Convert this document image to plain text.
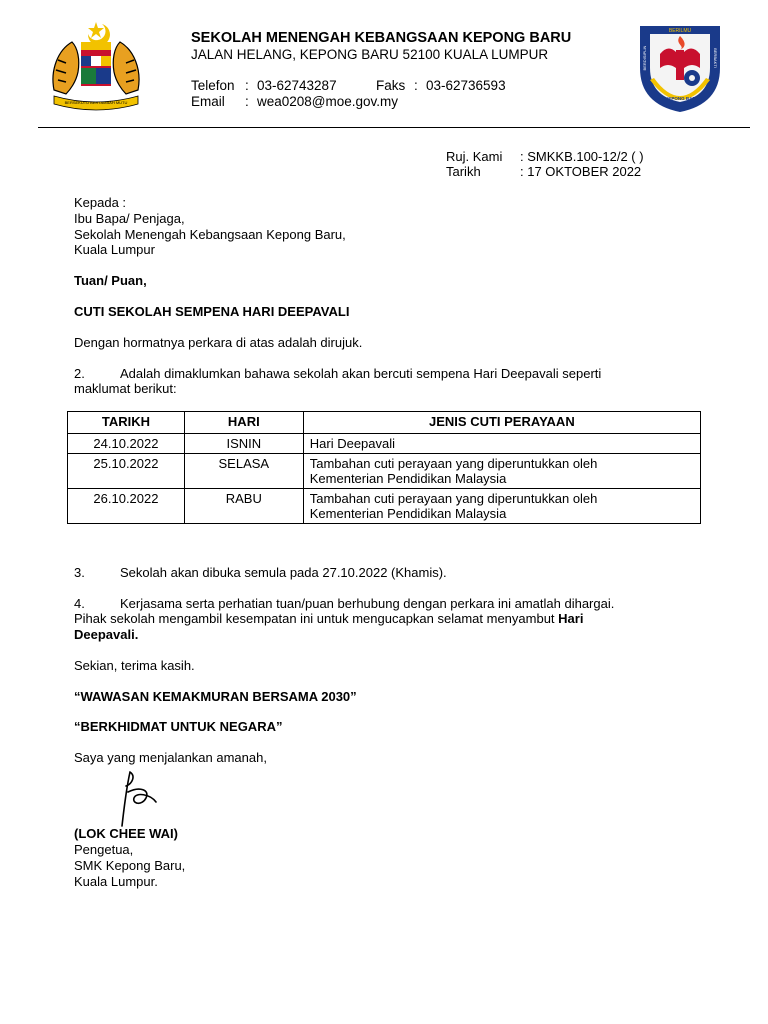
BERSEKUTU BERTAMBAH MUTU
BERILMU
BERDISIPLIN	BERBAKTI
SMK KEPONG BARU KL
SEKOLAH MENENGAH KEBANGSAAN KEPONG BARU
JALAN HELANG, KEPONG BARU 52100 KUALA LUMPUR
Telefon : 03-62743287	Faks : 03-62736593
Email : wea0208@moe.gov.my
Ruj. Kami : SMKKB.100-12/2 ( )
Tarikh	: 17 OKTOBER 2022
Kepada :
Ibu Bapa/ Penjaga,
Sekolah Menengah Kebangsaan Kepong Baru,
Kuala Lumpur
Tuan/ Puan,
CUTI SEKOLAH SEMPENA HARI DEEPAVALI
Dengan hormatnya perkara di atas adalah dirujuk.
2.	Adalah dimaklumkan bahawa sekolah akan bercuti sempena Hari Deepavali seperti
maklumat berikut:
TARIKH	HARI	JENIS CUTI PERAYAAN
24.10.2022	ISNIN	Hari Deepavali
25.10.2022	SELASA	Tambahan cuti perayaan yang diperuntukkan oleh
Kementerian Pendidikan Malaysia
26.10.2022	RABU	Tambahan cuti perayaan yang diperuntukkan oleh
Kementerian Pendidikan Malaysia
3.	Sekolah akan dibuka semula pada 27.10.2022 (Khamis).
4.	Kerjasama serta perhatian tuan/puan berhubung dengan perkara ini amatlah dihargai.
Pihak sekolah mengambil kesempatan ini untuk mengucapkan selamat menyambut Hari
Deepavali.
Sekian, terima kasih.
“WAWASAN KEMAKMURAN BERSAMA 2030”
“BERKHIDMAT UNTUK NEGARA”
Saya yang menjalankan amanah,
(LOK CHEE WAI)
Pengetua,
SMK Kepong Baru,
Kuala Lumpur.
